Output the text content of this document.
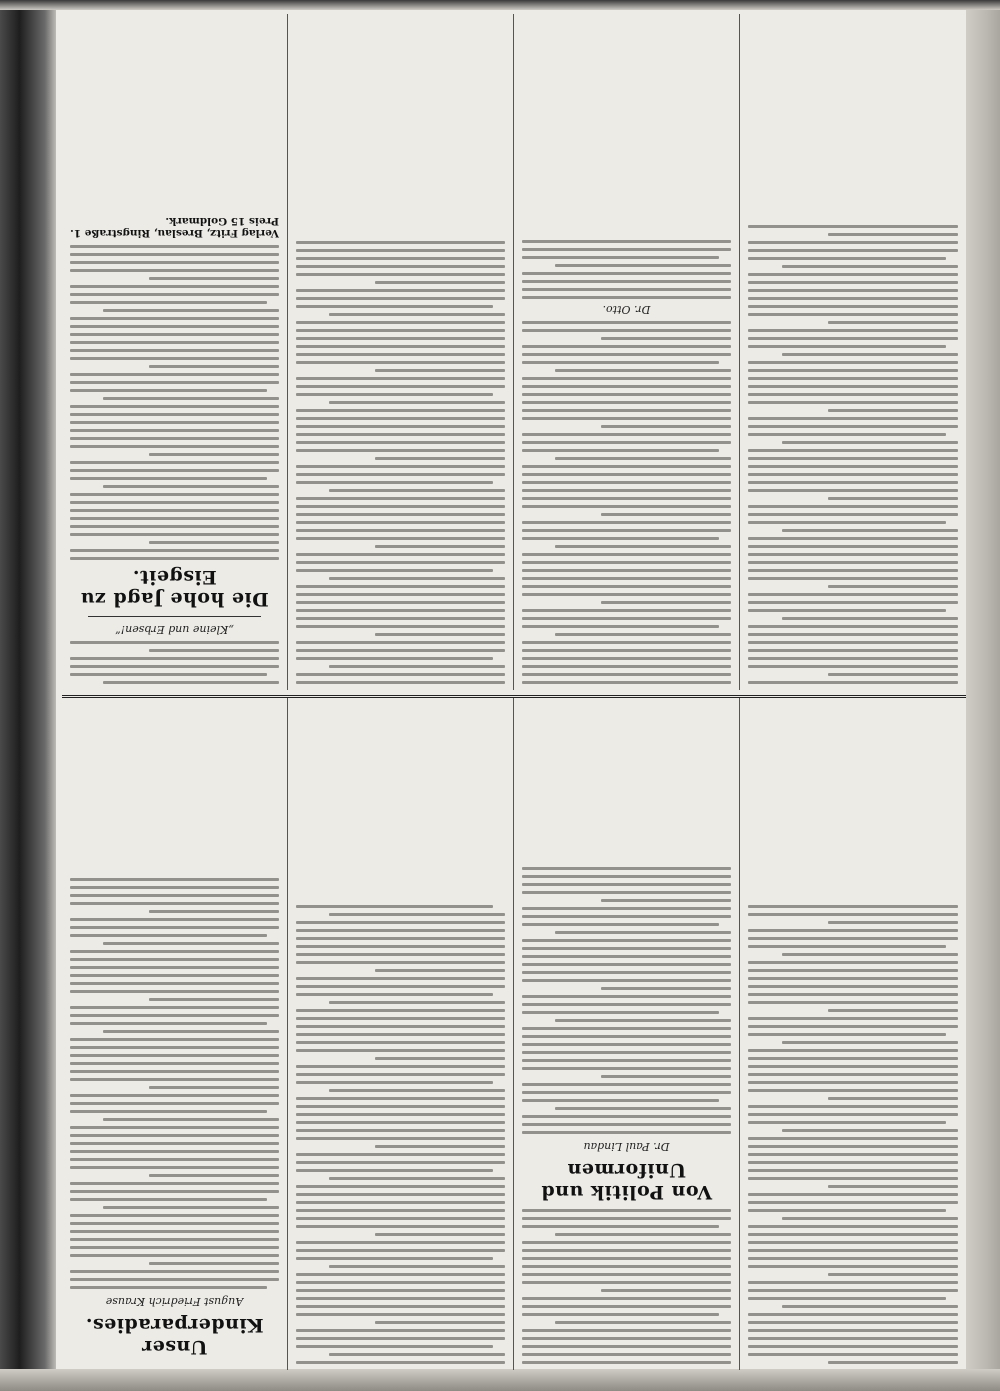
Von Politik und Uniformen
Dr. Paul Lindau
Unser Kinderparadies.
August Friedrich Krause
Dr. Otto.
„Kleine und Erbsen!“
Die hohe Jagd zu Eisgeit.
Verlag Fritz, Breslau, Ringstraße 1. Preis 15 Goldmark.
